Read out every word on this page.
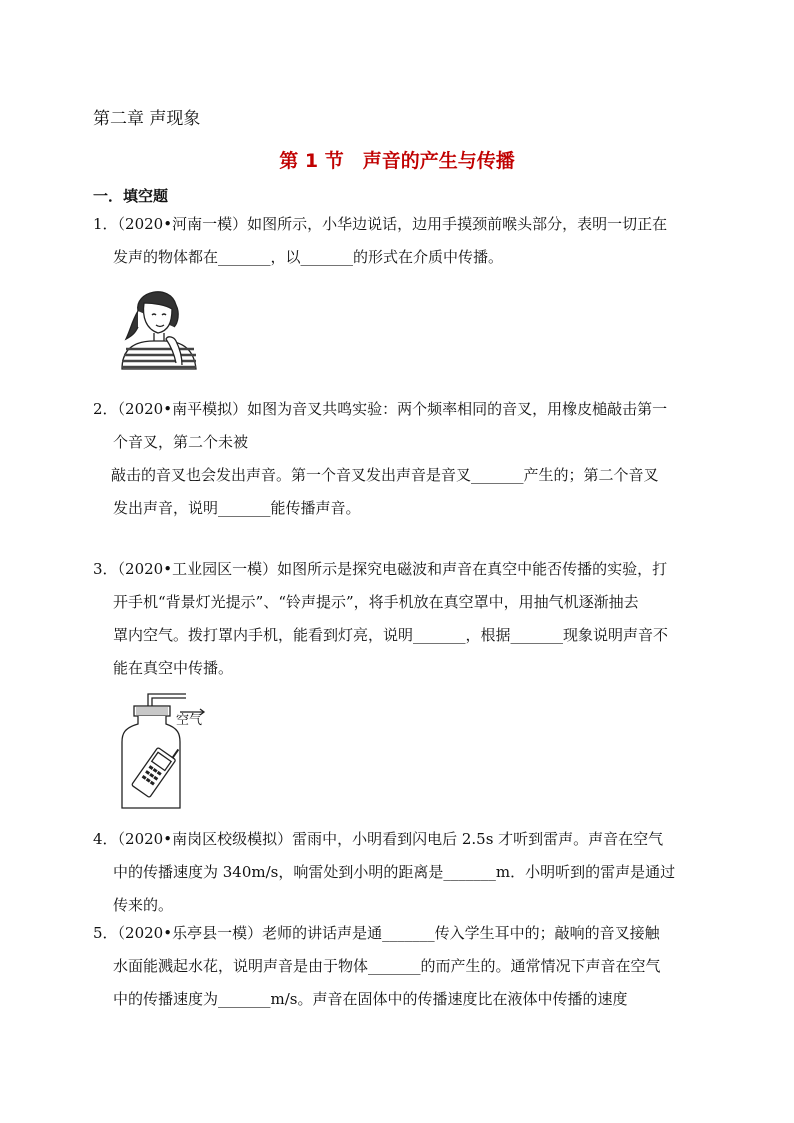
第二章 声现象
第 1 节　声音的产生与传播
一．填空题
1．（2020•河南一模）如图所示，小华边说话，边用手摸颈前喉头部分，表明一切正在
发声的物体都在_______，以_______的形式在介质中传播。
2．（2020•南平模拟）如图为音叉共鸣实验：两个频率相同的音叉，用橡皮槌敲击第一
个音叉，第二个未被
敲击的音叉也会发出声音。第一个音叉发出声音是音叉_______产生的；第二个音叉
发出声音，说明_______能传播声音。
3．（2020•工业园区一模）如图所示是探究电磁波和声音在真空中能否传播的实验，打
开手机“背景灯光提示”、“铃声提示”，将手机放在真空罩中，用抽气机逐渐抽去
罩内空气。拨打罩内手机，能看到灯亮，说明_______，根据_______现象说明声音不
能在真空中传播。
空气
4．（2020•南岗区校级模拟）雷雨中，小明看到闪电后 2.5s 才听到雷声。声音在空气
中的传播速度为 340m/s，响雷处到小明的距离是_______m．小明听到的雷声是通过
传来的。
5．（2020•乐亭县一模）老师的讲话声是通_______传入学生耳中的；敲响的音叉接触
水面能溅起水花，说明声音是由于物体_______的而产生的。通常情况下声音在空气
中的传播速度为_______m/s。声音在固体中的传播速度比在液体中传播的速度
